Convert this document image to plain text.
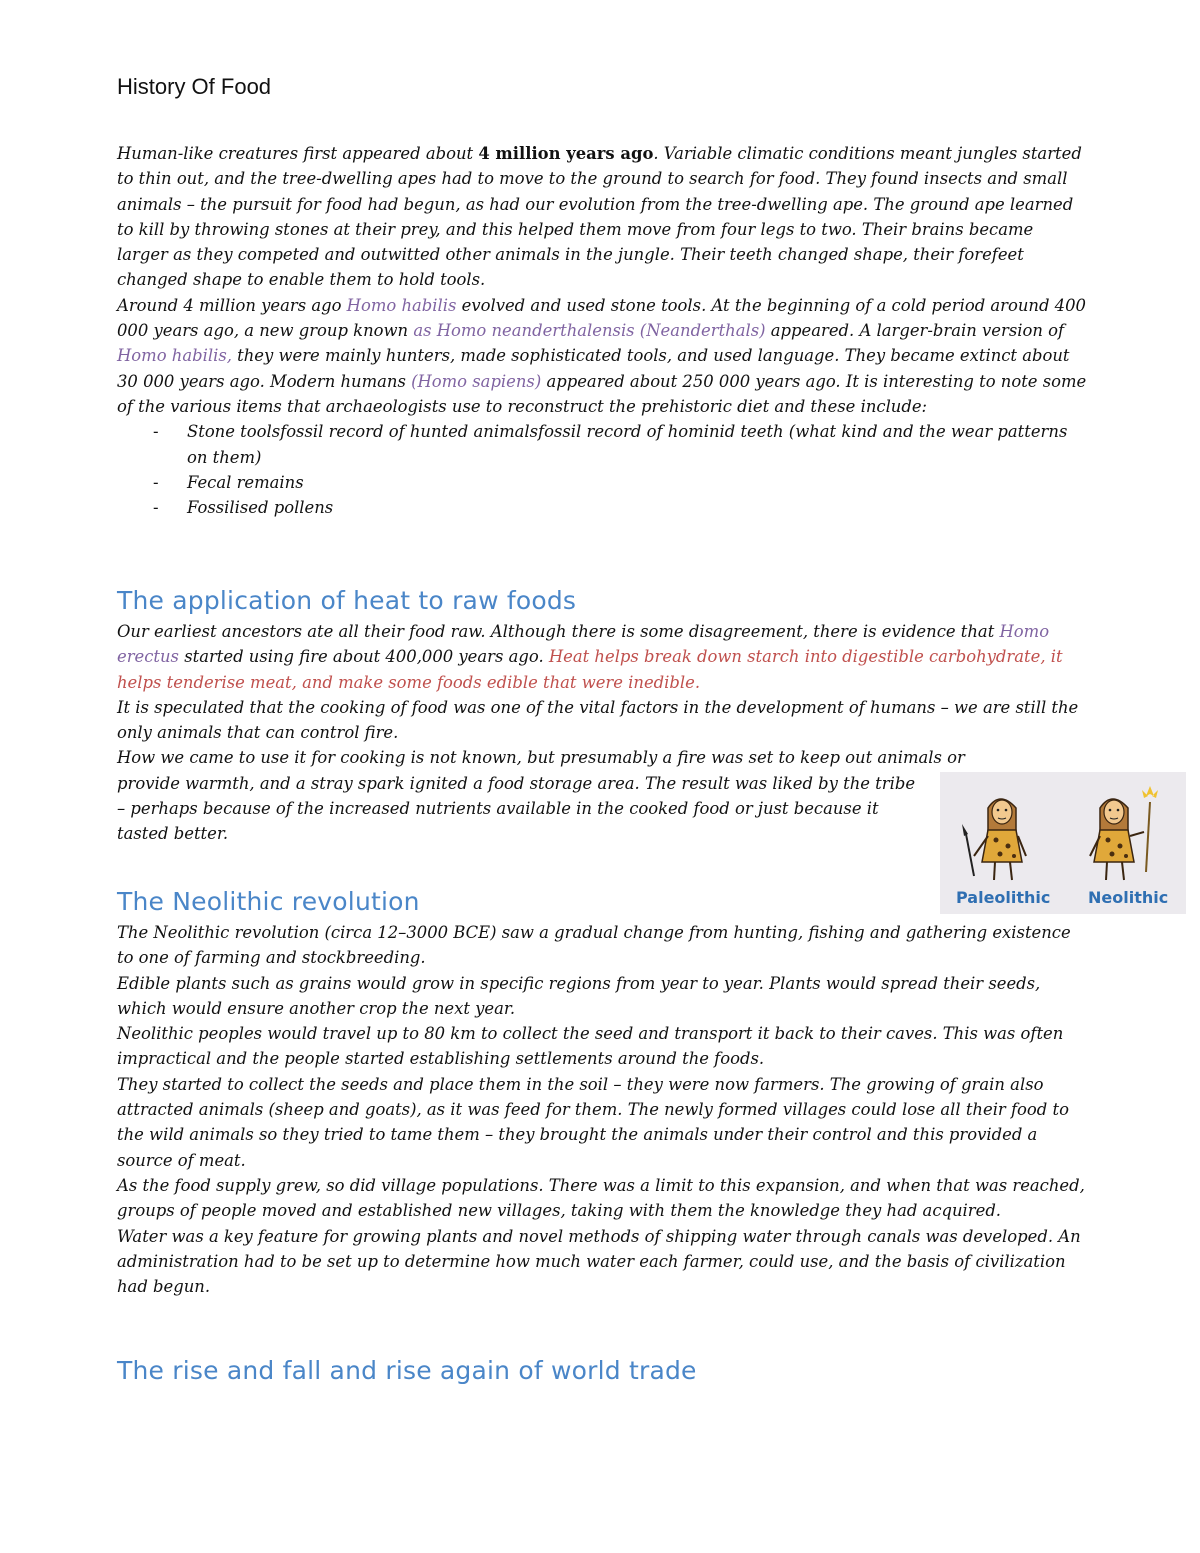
History Of Food

Human-like creatures first appeared about 4 million years ago. Variable climatic conditions meant jungles started to thin out, and the tree-dwelling apes had to move to the ground to search for food. They found insects and small animals – the pursuit for food had begun, as had our evolution from the tree-dwelling ape. The ground ape learned to kill by throwing stones at their prey, and this helped them move from four legs to two. Their brains became larger as they competed and outwitted other animals in the jungle. Their teeth changed shape, their forefeet changed shape to enable them to hold tools.

Around 4 million years ago Homo habilis evolved and used stone tools. At the beginning of a cold period around 400 000 years ago, a new group known as Homo neanderthalensis (Neanderthals) appeared. A larger-brain version of Homo habilis, they were mainly hunters, made sophisticated tools, and used language. They became extinct about 30 000 years ago. Modern humans (Homo sapiens) appeared about 250 000 years ago. It is interesting to note some of the various items that archaeologists use to reconstruct the prehistoric diet and these include:

- Stone toolsfossil record of hunted animalsfossil record of hominid teeth (what kind and the wear patterns on them)
- Fecal remains
- Fossilised pollens
The application of heat to raw foods

Our earliest ancestors ate all their food raw. Although there is some disagreement, there is evidence that Homo erectus started using fire about 400,000 years ago. Heat helps break down starch into digestible carbohydrate, it helps tenderise meat, and make some foods edible that were inedible.

It is speculated that the cooking of food was one of the vital factors in the development of humans – we are still the only animals that can control fire.

How we came to use it for cooking is not known, but presumably a fire was set to keep out animals or
provide warmth, and a stray spark ignited a food storage area. The result was liked by the tribe – perhaps because of the increased nutrients available in the cooked food or just because it tasted better.

Paleolithic Neolithic
The Neolithic revolution

The Neolithic revolution (circa 12–3000 BCE) saw a gradual change from hunting, fishing and gathering existence to one of farming and stockbreeding.

Edible plants such as grains would grow in specific regions from year to year. Plants would spread their seeds, which would ensure another crop the next year.

Neolithic peoples would travel up to 80 km to collect the seed and transport it back to their caves. This was often impractical and the people started establishing settlements around the foods.

They started to collect the seeds and place them in the soil – they were now farmers. The growing of grain also attracted animals (sheep and goats), as it was feed for them. The newly formed villages could lose all their food to the wild animals so they tried to tame them – they brought the animals under their control and this provided a source of meat.

As the food supply grew, so did village populations. There was a limit to this expansion, and when that was reached, groups of people moved and established new villages, taking with them the knowledge they had acquired.

Water was a key feature for growing plants and novel methods of shipping water through canals was developed. An administration had to be set up to determine how much water each farmer, could use, and the basis of civilization had begun.

The rise and fall and rise again of world trade
